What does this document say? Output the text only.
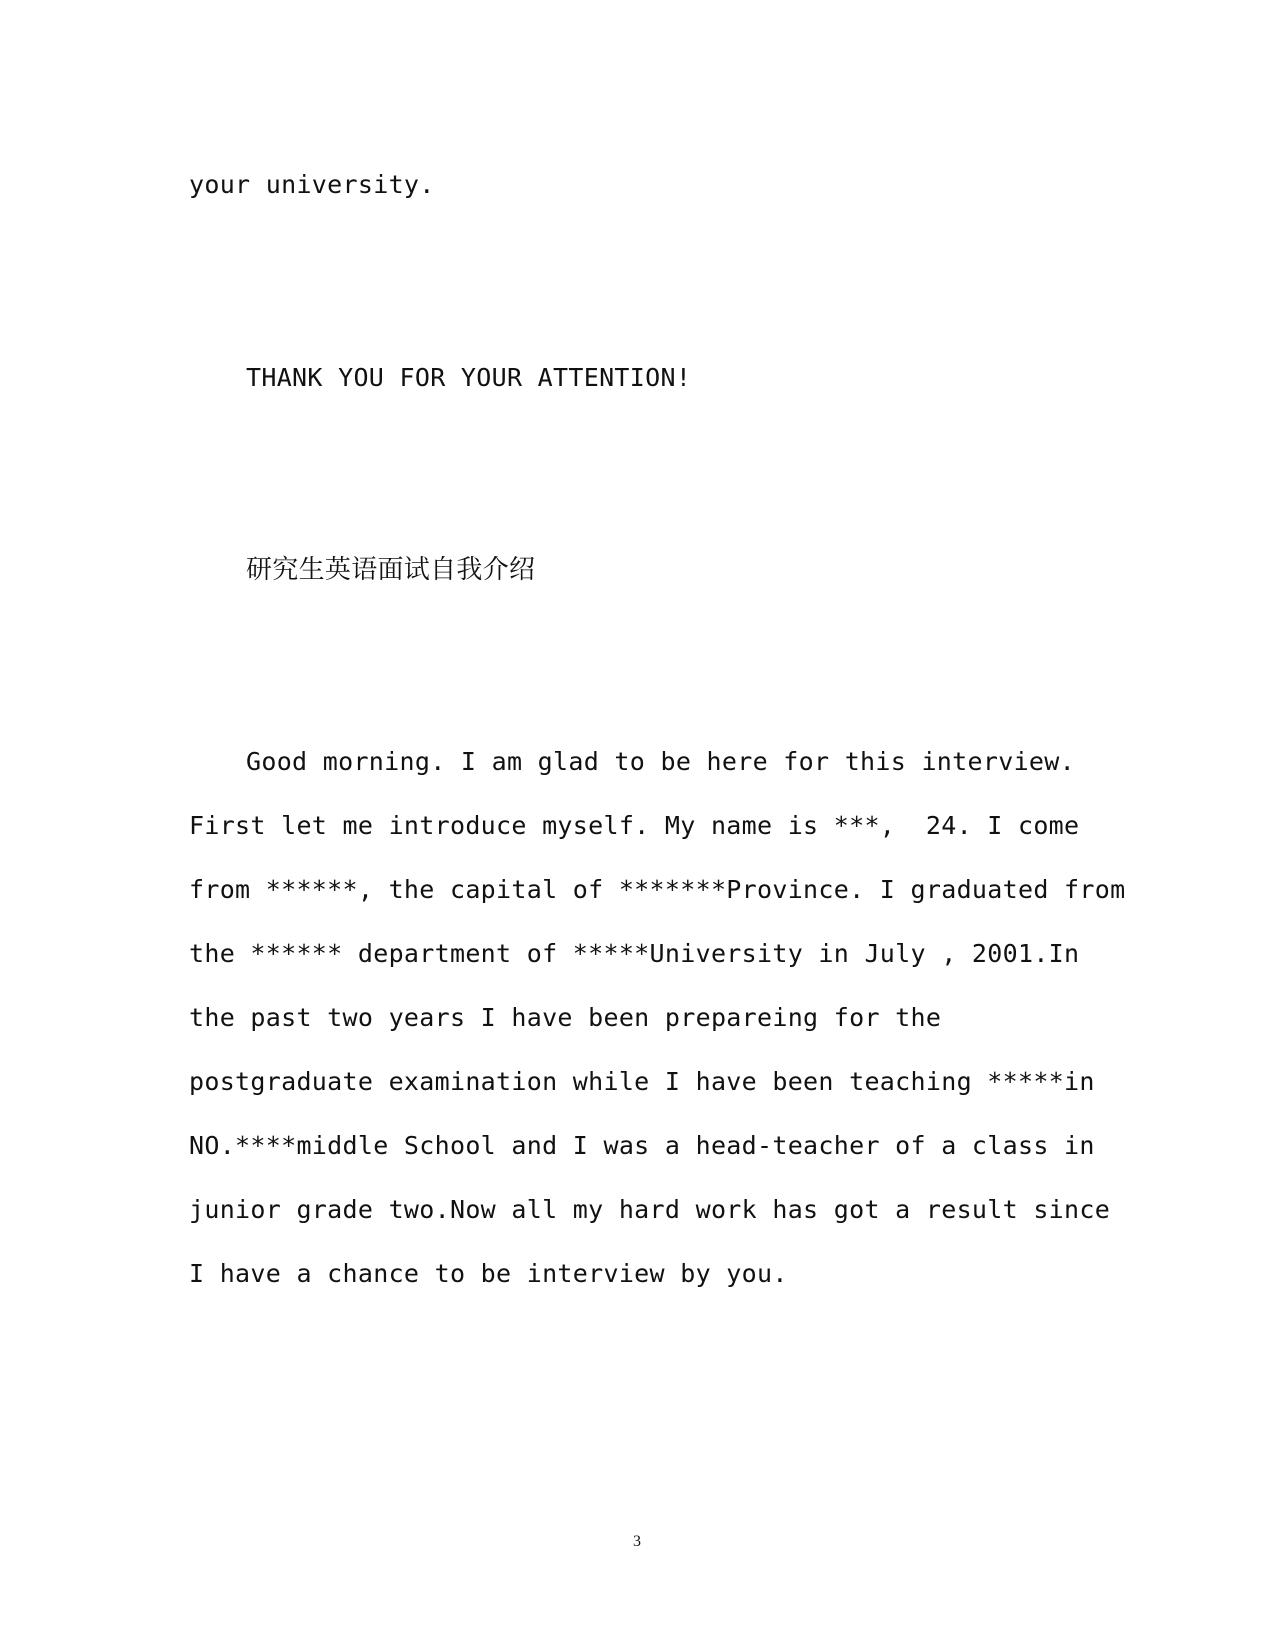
your university.
THANK YOU FOR YOUR ATTENTION!
研究生英语面试自我介绍
Good morning. I am glad to be here for this interview.
First let me introduce myself. My name is ***,  24. I come
from ******, the capital of *******Province. I graduated from
the ****** department of *****University in July , 2001.In
the past two years I have been prepareing for the
postgraduate examination while I have been teaching *****in
NO.****middle School and I was a head-teacher of a class in
junior grade two.Now all my hard work has got a result since
I have a chance to be interview by you.
3
